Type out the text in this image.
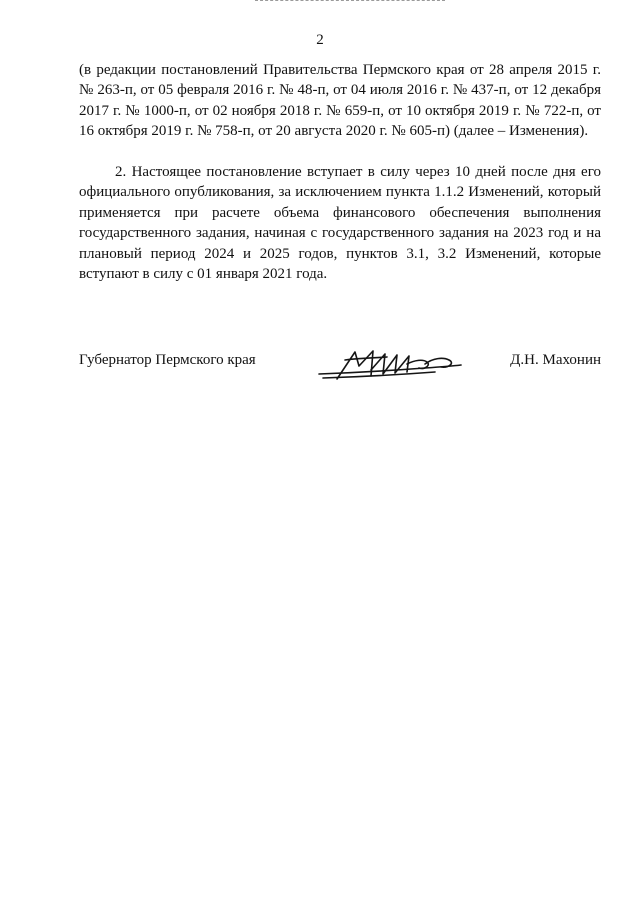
2

(в редакции постановлений Правительства Пермского края от 28 апреля 2015 г. № 263-п, от 05 февраля 2016 г. № 48-п, от 04 июля 2016 г. № 437-п, от 12 декабря 2017 г. № 1000-п, от 02 ноября 2018 г. № 659-п, от 10 октября 2019 г. № 722-п, от 16 октября 2019 г. № 758-п, от 20 августа 2020 г. № 605-п) (далее – Изменения).

2. Настоящее постановление вступает в силу через 10 дней после дня его официального опубликования, за исключением пункта 1.1.2 Изменений, который применяется при расчете объема финансового обеспечения выполнения государственного задания, начиная с государственного задания на 2023 год и на плановый период 2024 и 2025 годов, пунктов 3.1, 3.2 Изменений, которые вступают в силу с 01 января 2021 года.

Губернатор Пермского края	Д.Н. Махонин
